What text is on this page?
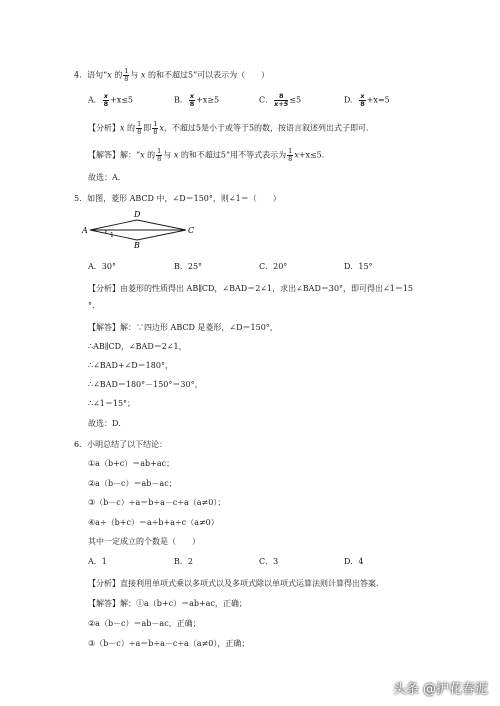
4．语句“x 的 $\frac{1}{8}$ 与 x 的和不超过5”可以表示为（　　）
A． $\frac{x}{8} +x\le 5$	B． $\frac{x}{8} +x\ge 5$	C． $\frac{8}{x+5} \le 5$	D． $\frac{x}{8} +x=5$
【分析】x 的 $\frac{1}{8}$ 即 $\frac{1}{8}$ x，不超过5是小于或等于5的数，按语言叙述列出式子即可．
【解答】解：“x 的 $\frac{1}{8}$ 与 x 的和不超过5”用不等式表示为 $\frac{1}{8} x+x\le 5$．
故选：A．
5．如图，菱形 ABCD 中，∠D＝150°，则∠1＝（　　）
A
D
C
B
1
A．30°	B．25°	C．20°	D．15°
【分析】由菱形的性质得出 AB∥CD，∠BAD＝2∠1，求出∠BAD＝30°，即可得出∠1＝15
°．
【解答】解：∵四边形 ABCD 是菱形，∠D＝150°，
∴AB∥CD，∠BAD＝2∠1，
∴∠BAD+∠D＝180°，
∴∠BAD＝180°－150°＝30°，
∴∠1＝15°；
故选：D．
6．小明总结了以下结论：
①a（b+c）＝ab+ac；
②a（b－c）＝ab－ac；
③（b－c）÷a＝b÷a－c÷a（a≠0）；
④a÷（b+c）＝a÷b+a÷c（a≠0）
其中一定成立的个数是（　　）
A．1	B．2	C．3	D．4
【分析】直接利用单项式乘以多项式以及多项式除以单项式运算法则计算得出答案．
【解答】解：①a（b+c）＝ab+ac，正确；
②a（b－c）＝ab－ac，正确；
③（b－c）÷a＝b÷a－c÷a（a≠0），正确；
头条 @护花春泥
